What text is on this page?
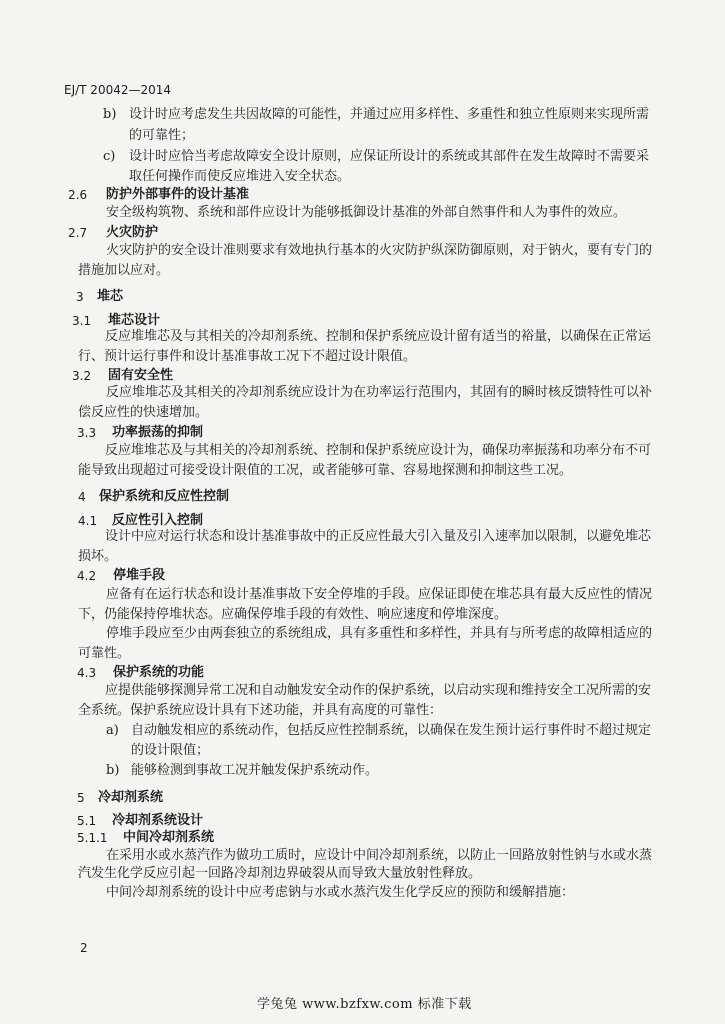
EJ/T 20042—2014
b) 设计时应考虑发生共因故障的可能性，并通过应用多样性、多重性和独立性原则来实现所需
的可靠性；
c) 设计时应恰当考虑故障安全设计原则，应保证所设计的系统或其部件在发生故障时不需要采
取任何操作而使反应堆进入安全状态。
2.6 防护外部事件的设计基准
安全级构筑物、系统和部件应设计为能够抵御设计基准的外部自然事件和人为事件的效应。
2.7 火灾防护
火灾防护的安全设计准则要求有效地执行基本的火灾防护纵深防御原则，对于钠火，要有专门的
措施加以应对。
3 堆芯
3.1 堆芯设计
反应堆堆芯及与其相关的冷却剂系统、控制和保护系统应设计留有适当的裕量，以确保在正常运
行、预计运行事件和设计基准事故工况下不超过设计限值。
3.2 固有安全性
反应堆堆芯及其相关的冷却剂系统应设计为在功率运行范围内，其固有的瞬时核反馈特性可以补
偿反应性的快速增加。
3.3 功率振荡的抑制
反应堆堆芯及与其相关的冷却剂系统、控制和保护系统应设计为，确保功率振荡和功率分布不可
能导致出现超过可接受设计限值的工况，或者能够可靠、容易地探测和抑制这些工况。
4 保护系统和反应性控制
4.1 反应性引入控制
设计中应对运行状态和设计基准事故中的正反应性最大引入量及引入速率加以限制，以避免堆芯
损坏。
4.2 停堆手段
应备有在运行状态和设计基准事故下安全停堆的手段。应保证即使在堆芯具有最大反应性的情况
下，仍能保持停堆状态。应确保停堆手段的有效性、响应速度和停堆深度。
停堆手段应至少由两套独立的系统组成，具有多重性和多样性，并具有与所考虑的故障相适应的
可靠性。
4.3 保护系统的功能
应提供能够探测异常工况和自动触发安全动作的保护系统，以启动实现和维持安全工况所需的安
全系统。保护系统应设计具有下述功能，并具有高度的可靠性：
a) 自动触发相应的系统动作，包括反应性控制系统，以确保在发生预计运行事件时不超过规定
的设计限值；
b) 能够检测到事故工况并触发保护系统动作。
5 冷却剂系统
5.1 冷却剂系统设计
5.1.1 中间冷却剂系统
在采用水或水蒸汽作为做功工质时，应设计中间冷却剂系统，以防止一回路放射性钠与水或水蒸
汽发生化学反应引起一回路冷却剂边界破裂从而导致大量放射性释放。
中间冷却剂系统的设计中应考虑钠与水或水蒸汽发生化学反应的预防和缓解措施：
2
学兔兔 www.bzfxw.com 标准下载
